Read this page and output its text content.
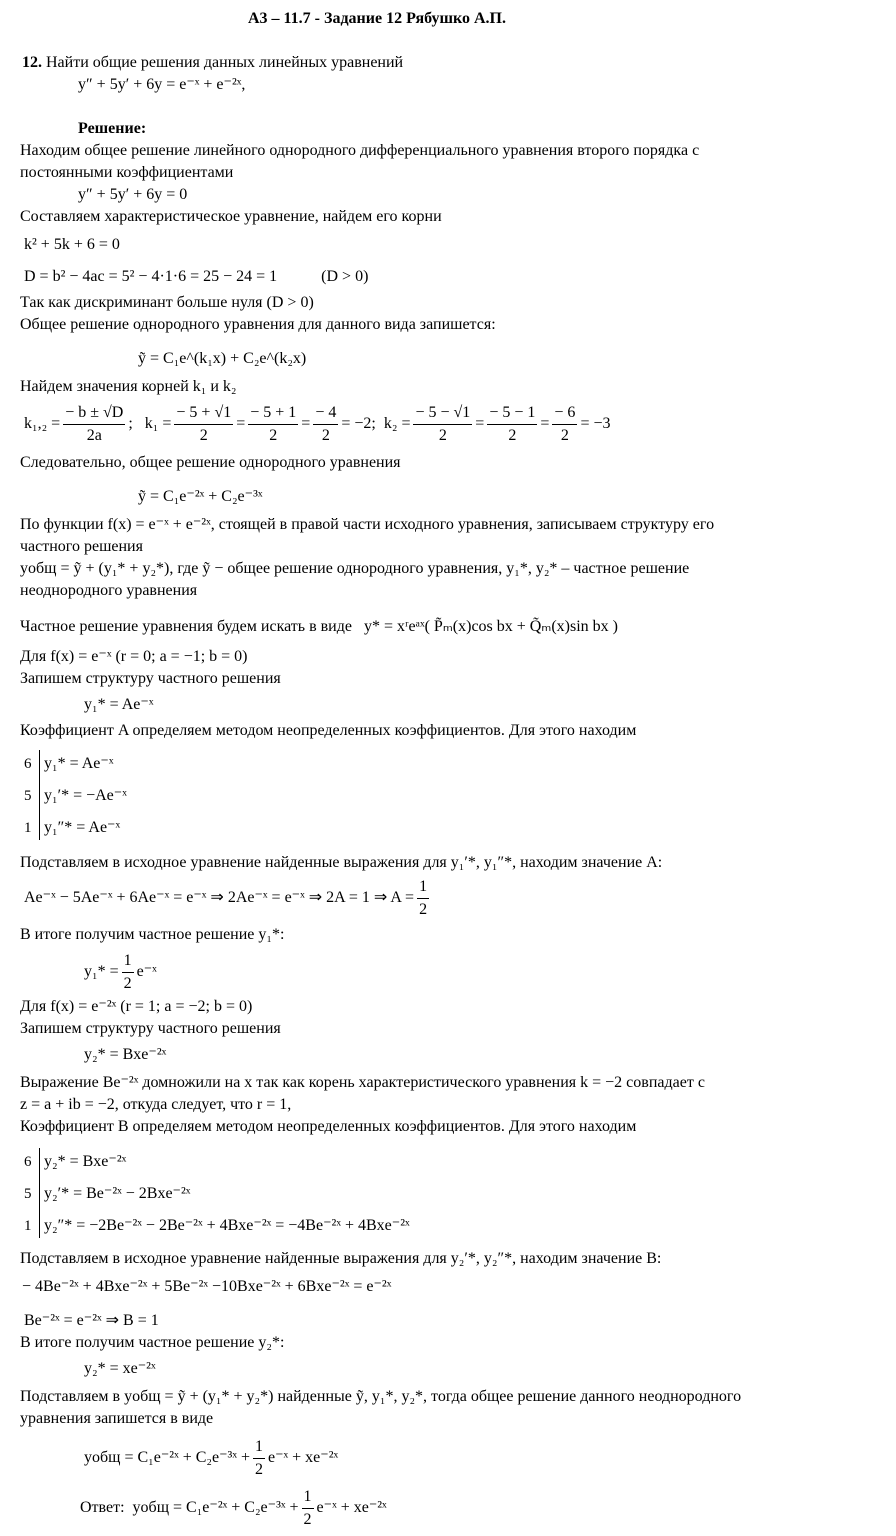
А3 – 11.7 - Задание 12 Рябушко А.П.
12. Найти общие решения данных линейных уравнений
y″ + 5y′ + 6y = e⁻ˣ + e⁻²ˣ,
Решение:
Находим общее решение линейного однородного дифференциального уравнения второго порядка с
постоянными коэффициентами
y″ + 5y′ + 6y = 0
Составляем характеристическое уравнение, найдем его корни
k² + 5k + 6 = 0
D = b² − 4ac = 5² − 4·1·6 = 25 − 24 = 1	(D > 0)
Так как дискриминант больше нуля (D > 0)
Общее решение однородного уравнения для данного вида запишется:
ỹ = C₁e^(k₁x) + C₂e^(k₂x)
Найдем значения корней k₁ и k₂
$k_1,_2 = \frac{- b \pm √D}{2a}$ ; $k_1 = \frac{- 5 + √1}{2} = \frac{- 5 + 1}{2} = \frac{- 4}{2} = -2$; $k_2 = \frac{- 5 - √1}{2} = \frac{- 5 - 1}{2} = \frac{- 6}{2} = -3$
Следовательно, общее решение однородного уравнения
ỹ = C₁e⁻²ˣ + C₂e⁻³ˣ
По функции f(x) = e⁻ˣ + e⁻²ˣ, стоящей в правой части исходного уравнения, записываем структуру его
частного решения
yобщ = ỹ + (y₁* + y₂*), где ỹ − общее решение однородного уравнения, y₁*, y₂* – частное решение
неоднородного уравнения
Частное решение уравнения будем искать в виде y* = xʳeᵃˣ( P̃ₘ(x)cos bx + Q̃ₘ(x)sin bx )
Для f(x) = e⁻ˣ (r = 0; a = −1; b = 0)
Запишем структуру частного решения
y₁* = Ae⁻ˣ
Коэффициент A определяем методом неопределенных коэффициентов. Для этого находим
6
5
1
y₁* = Ae⁻ˣ
y₁′* = −Ae⁻ˣ
y₁″* = Ae⁻ˣ
Подставляем в исходное уравнение найденные выражения для y₁′*, y₁″*, находим значение A:
Ae⁻ˣ − 5Ae⁻ˣ + 6Ae⁻ˣ = e⁻ˣ ⇒ 2Ae⁻ˣ = e⁻ˣ ⇒ 2A = 1 ⇒ $A = \frac{1}{2}$
В итоге получим частное решение y₁*:
$y_1* = \frac{1}{2}$ e⁻ˣ
Для f(x) = e⁻²ˣ (r = 1; a = −2; b = 0)
Запишем структуру частного решения
y₂* = Bxe⁻²ˣ
Выражение Be⁻²ˣ домножили на x так как корень характеристического уравнения k = −2 совпадает с
z = a + ib = −2, откуда следует, что r = 1,
Коэффициент B определяем методом неопределенных коэффициентов. Для этого находим
6
5
1
y₂* = Bxe⁻²ˣ
y₂′* = Be⁻²ˣ − 2Bxe⁻²ˣ
y₂″* = −2Be⁻²ˣ − 2Be⁻²ˣ + 4Bxe⁻²ˣ = −4Be⁻²ˣ + 4Bxe⁻²ˣ
Подставляем в исходное уравнение найденные выражения для y₂′*, y₂″*, находим значение B:
− 4Be⁻²ˣ + 4Bxe⁻²ˣ + 5Be⁻²ˣ −10Bxe⁻²ˣ + 6Bxe⁻²ˣ = e⁻²ˣ
Be⁻²ˣ = e⁻²ˣ ⇒ B = 1
В итоге получим частное решение y₂*:
y₂* = xe⁻²ˣ
Подставляем в yобщ = ỹ + (y₁* + y₂*) найденные ỹ, y₁*, y₂*, тогда общее решение данного неоднородного
уравнения запишется в виде
yобщ = C₁e⁻²ˣ + C₂e⁻³ˣ + $\frac{1}{2}$ e⁻ˣ + xe⁻²ˣ
Ответ: yобщ = C₁e⁻²ˣ + C₂e⁻³ˣ + $\frac{1}{2}$ e⁻ˣ + xe⁻²ˣ
